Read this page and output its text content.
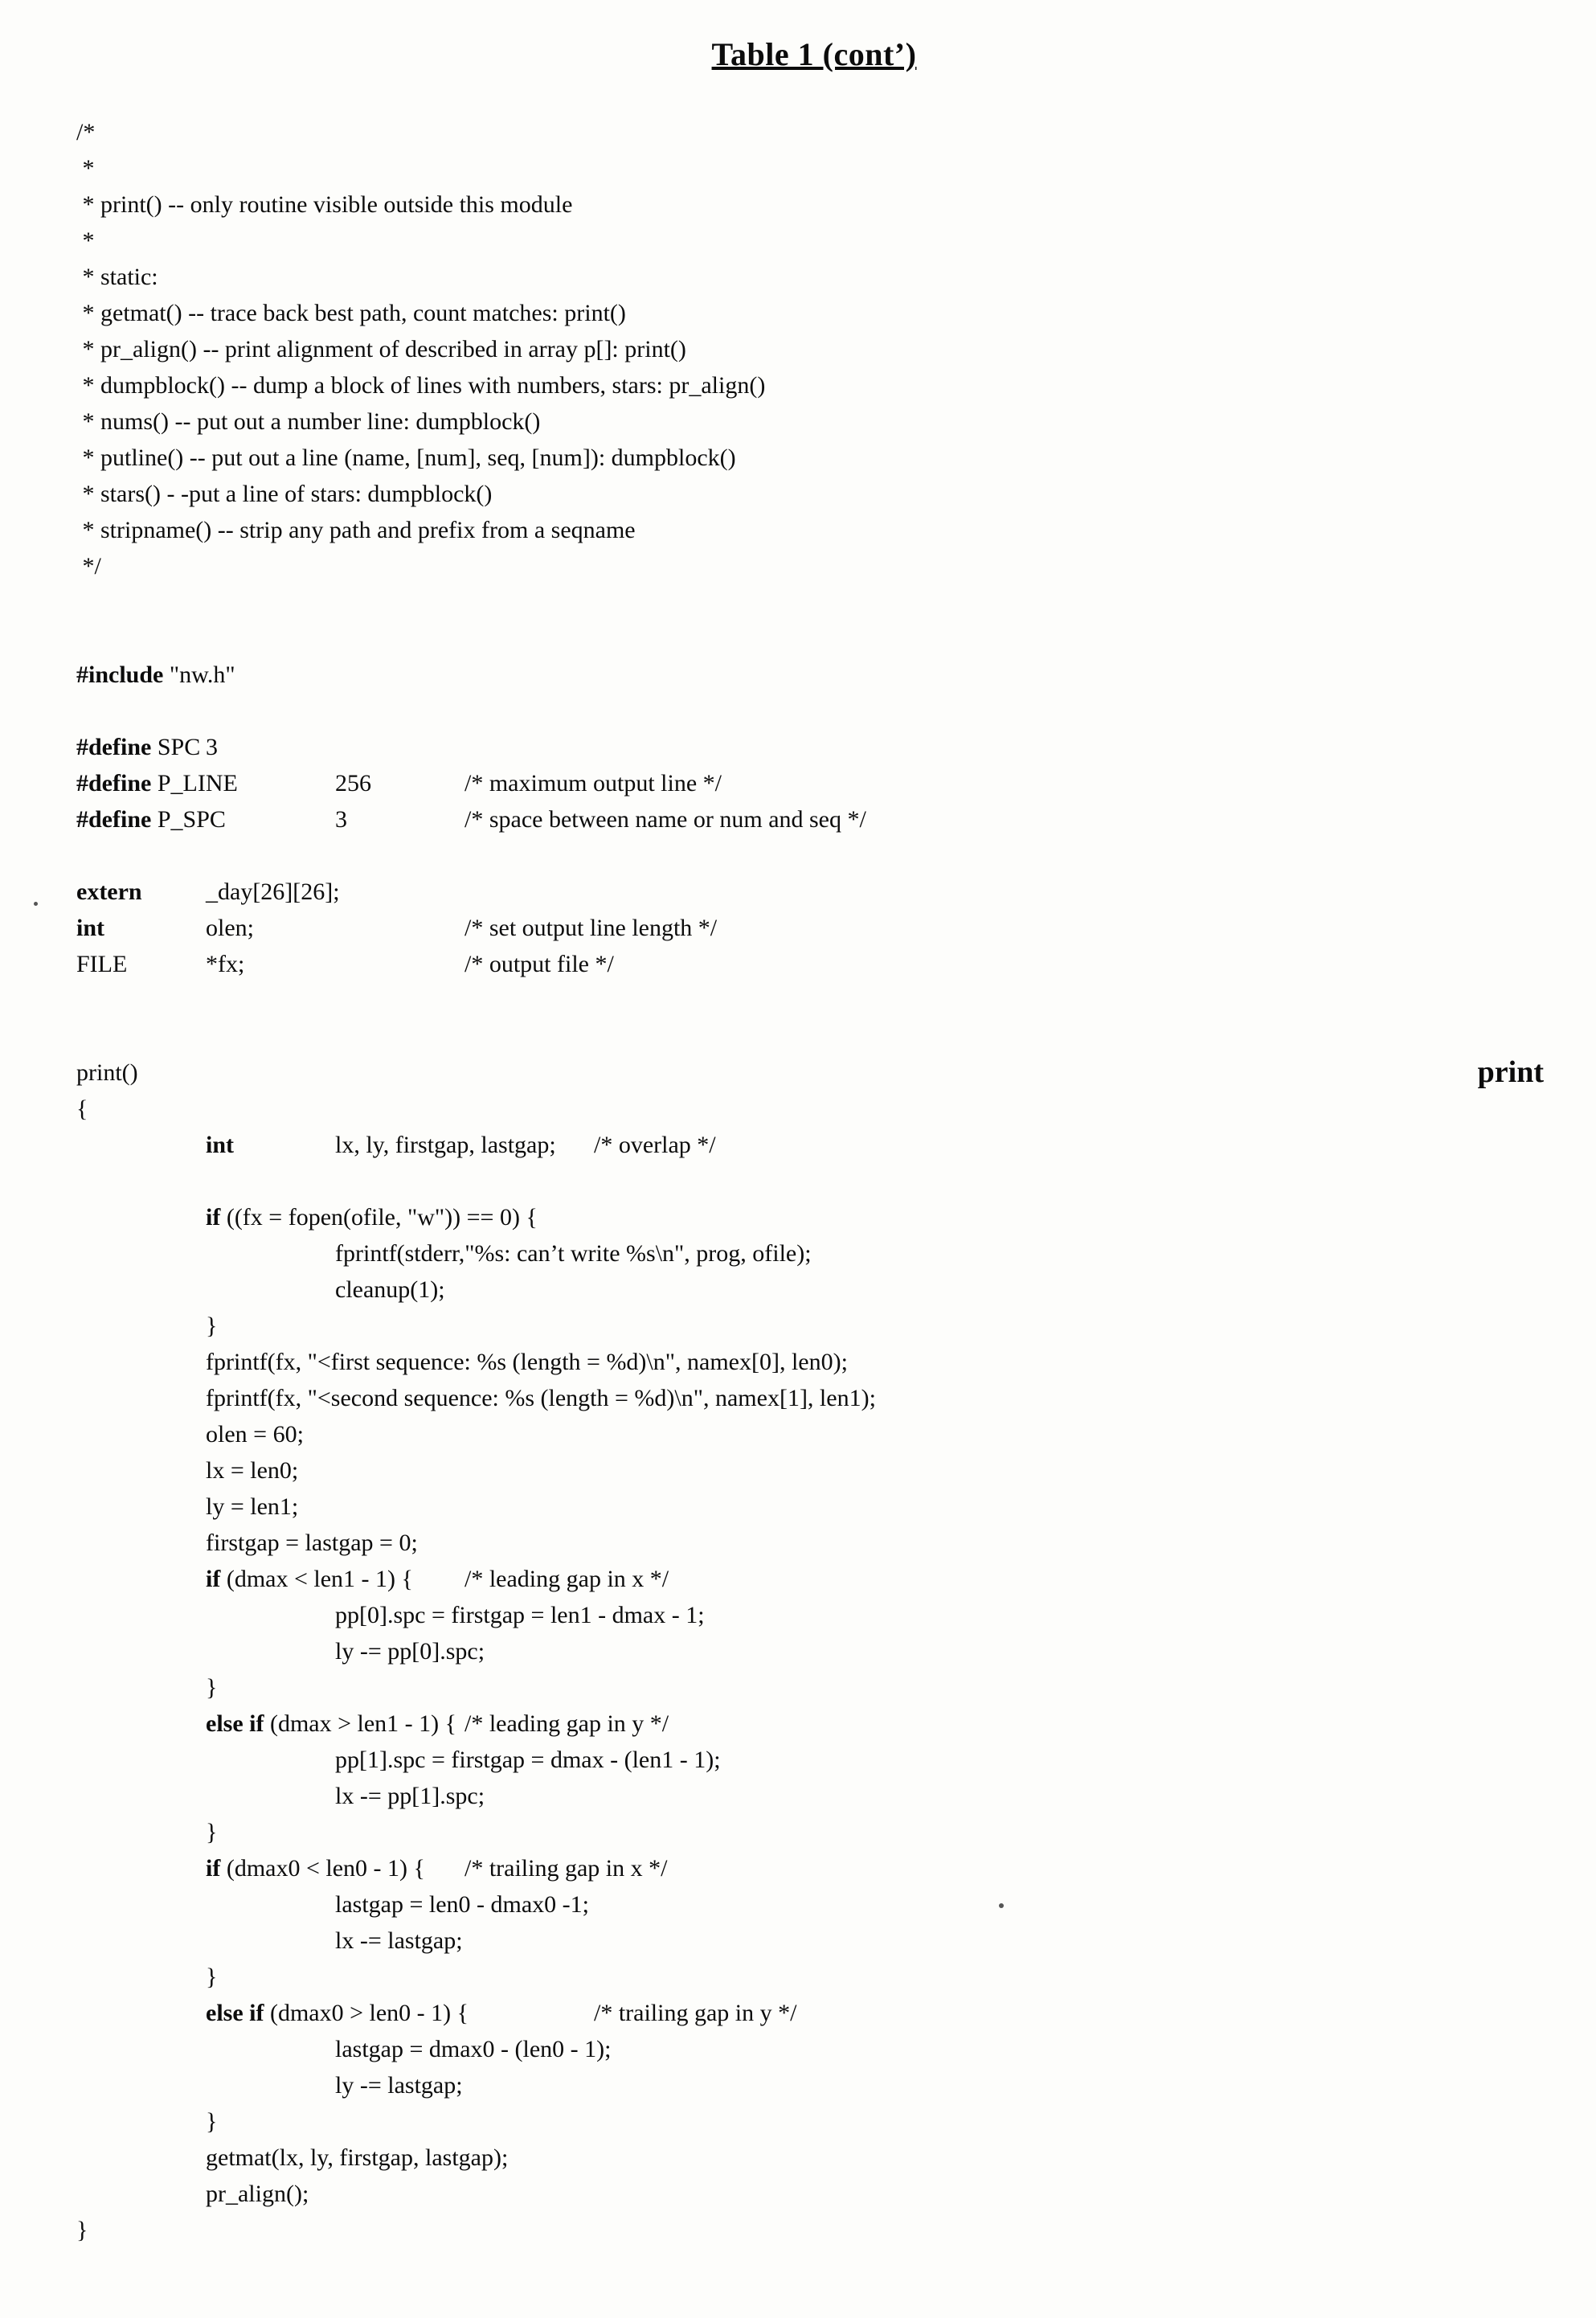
Table 1 (cont’)
/*
*
* print() -- only routine visible outside this module
*
* static:
* getmat() -- trace back best path, count matches: print()
* pr_align() -- print alignment of described in array p[]: print()
* dumpblock() -- dump a block of lines with numbers, stars: pr_align()
* nums() -- put out a number line: dumpblock()
* putline() -- put out a line (name, [num], seq, [num]): dumpblock()
* stars() - -put a line of stars: dumpblock()
* stripname() -- strip any path and prefix from a seqname
*/

#include "nw.h"

#define SPC	3
#define P_LINE	256	/* maximum output line */
#define P_SPC	3	/* space between name or num and seq */

extern	_day[26][26];
int	olen;		/* set output line length */
FILE	*fx;		/* output file */

print()	print
{
	int	lx, ly, firstgap, lastgap;	/* overlap */

	if ((fx = fopen(ofile, "w")) == 0) {
		fprintf(stderr,"%s: can’t write %s\n", prog, ofile);
		cleanup(1);
	}
	fprintf(fx, "<first sequence: %s (length = %d)\n", namex[0], len0);
	fprintf(fx, "<second sequence: %s (length = %d)\n", namex[1], len1);
	olen = 60;
	lx = len0;
	ly = len1;
	firstgap = lastgap = 0;
	if (dmax < len1 - 1) {	/* leading gap in x */
		pp[0].spc = firstgap = len1 - dmax - 1;
		ly -= pp[0].spc;
	}
	else if (dmax > len1 - 1) {	/* leading gap in y */
		pp[1].spc = firstgap = dmax - (len1 - 1);
		lx -= pp[1].spc;
	}
	if (dmax0 < len0 - 1) {	/* trailing gap in x */
		lastgap = len0 - dmax0 -1;
		lx -= lastgap;
	}
	else if (dmax0 > len0 - 1) {	/* trailing gap in y */
		lastgap = dmax0 - (len0 - 1);
		ly -= lastgap;
	}
	getmat(lx, ly, firstgap, lastgap);
	pr_align();
}
